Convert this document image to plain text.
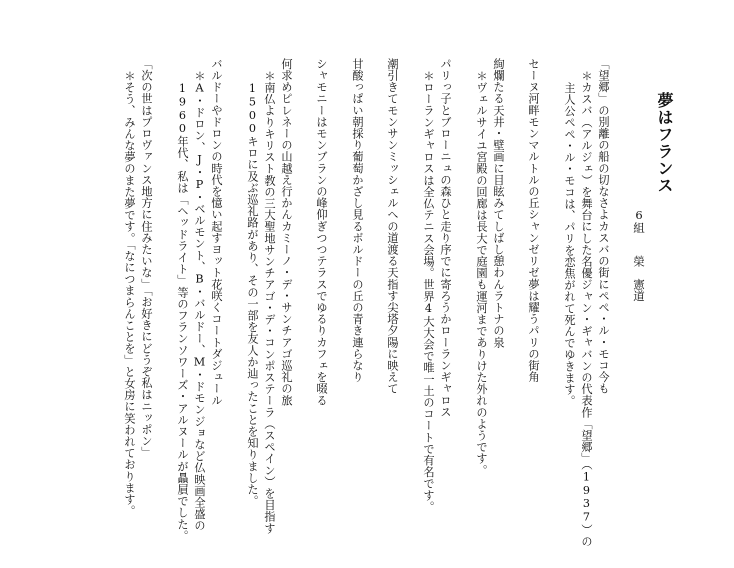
夢はフランス
6組榮　憲道
「望郷」の別離の船の切なさよカスバの街にペペ・ル・モコ今も
＊カスバ（アルジェ）を舞台にした名優ジャン・ギャバンの代表作「望郷」（1937）の
主人公ペペ・ル・モコは、パリを恋焦がれて死んでゆきます。
セーヌ河畔モンマルトルの丘シャンゼリゼ夢は耀うパリの街角
絢爛たる天井・壁画に目眩みてしばし憩わんラトナの泉
＊ヴェルサイユ宮殿の回廊は長大で庭園も運河までありけた外れのようです。
パリっ子とブローニュの森ひと走り序でに寄ろうかローランギャロス
＊ローランギャロスは全仏テニス会場。世界4大大会で唯一土のコートで有名です。
潮引きてモンサンミッシェルへの道渡る天指す尖塔夕陽に映えて
甘酸っぱい朝採り葡萄かざし見るボルドーの丘の青き連らなり
シャモニーはモンブランの峰仰ぎつつテラスでゆるりカフェを啜る
何求めピレネーの山越え行かんカミーノ・デ・サンチアゴ巡礼の旅
＊南仏よりキリスト教の三大聖地サンチアゴ・デ・コンポステーラ（スペイン）を目指す
1500キロに及ぶ巡礼路があり、その一部を友人か辿ったことを知りました。
バルドーやドロンの時代を憶い起すヨット花咲くコートダジュール
＊A・ドロン、J・P・ベルモント、B・バルドー、M・ドモンジョなど仏映画全盛の
1960年代、私は「ヘッドライト」等のフランソワーズ・アルヌールが贔屓でした。
「次の世はプロヴァンス地方に住みたいな」「お好きにどうぞ私はニッポン」
＊そう、みんな夢のまた夢です。「なにつまらんことを」と女房に笑われております。
